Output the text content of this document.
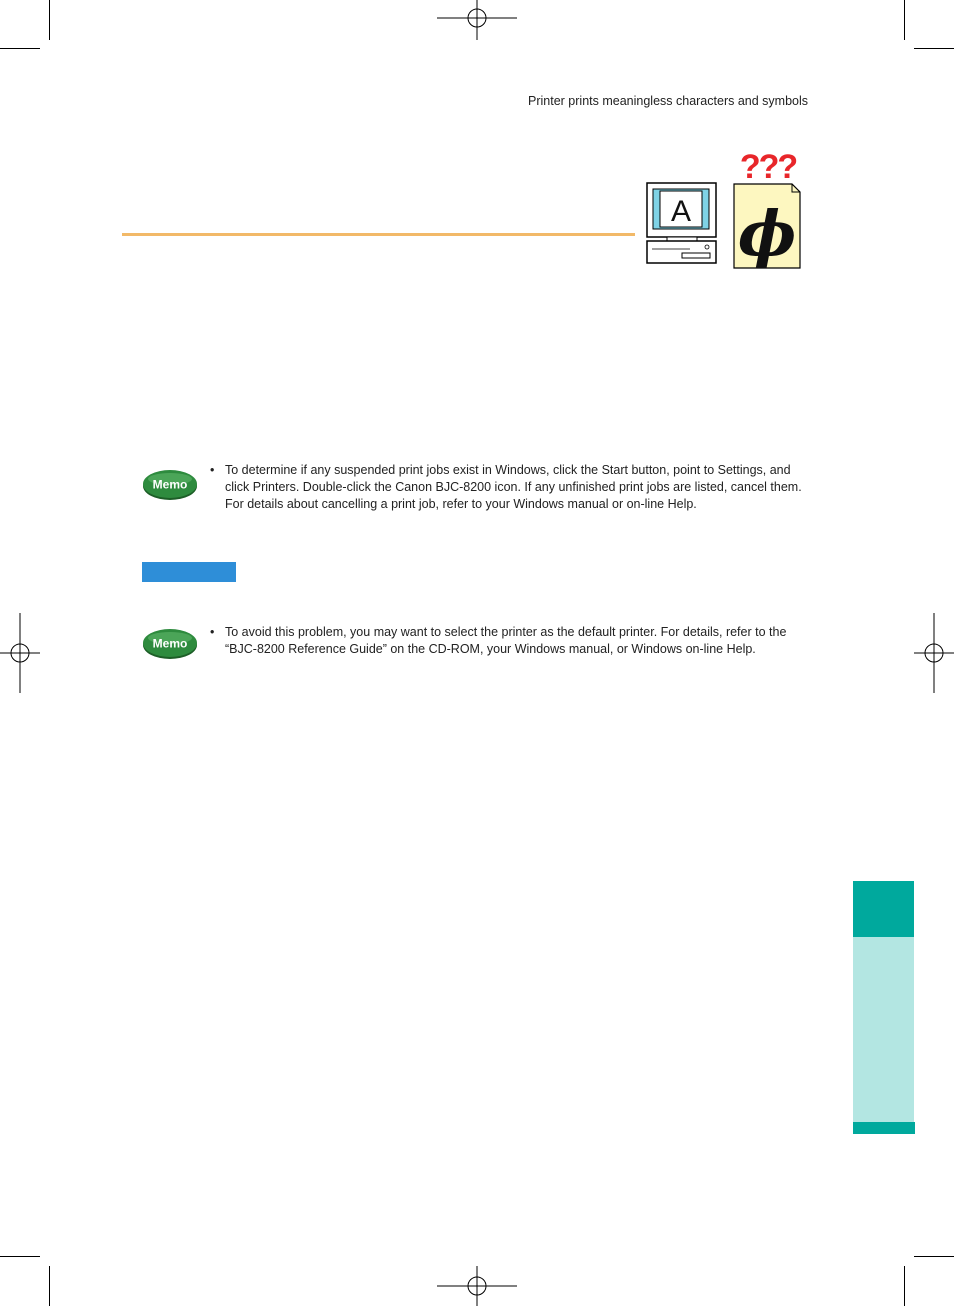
Printer prints meaningless characters and symbols
A ϕ
???
Memo
• To determine if any suspended print jobs exist in Windows, click the Start button, point to Settings, and click Printers. Double-click the Canon BJC-8200 icon. If any unfinished print jobs are listed, cancel them. For details about cancelling a print job, refer to your Windows manual or on-line Help.
Memo
• To avoid this problem, you may want to select the printer as the default printer. For details, refer to the “BJC-8200 Reference Guide” on the CD-ROM, your Windows manual, or Windows on-line Help.
